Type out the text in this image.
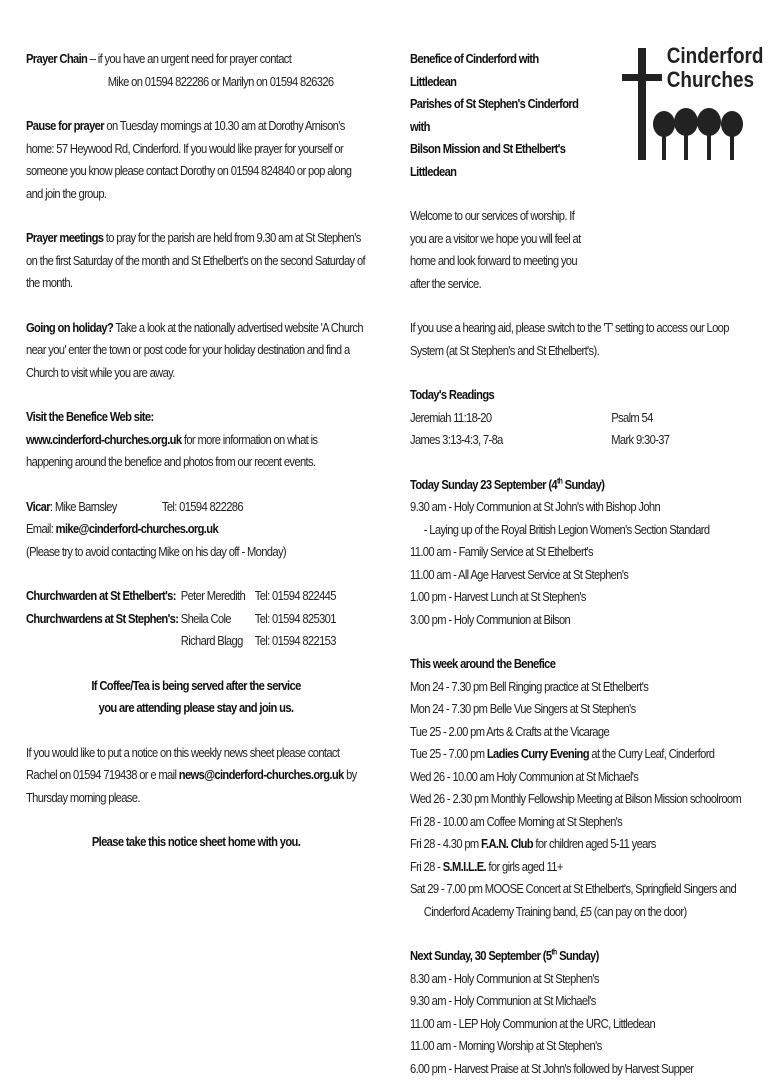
Prayer Chain – if you have an urgent need for prayer contact

Mike on 01594 822286 or Marilyn on 01594 826326

Pause for prayer on Tuesday mornings at 10.30 am at Dorothy Arnison's home: 57 Heywood Rd, Cinderford. If you would like prayer for yourself or someone you know please contact Dorothy on 01594 824840 or pop along and join the group.

Prayer meetings to pray for the parish are held from 9.30 am at St Stephen's on the first Saturday of the month and St Ethelbert's on the second Saturday of the month.

Going on holiday? Take a look at the nationally advertised website 'A Church near you' enter the town or post code for your holiday destination and find a Church to visit while you are away.

Visit the Benefice Web site:

www.cinderford-churches.org.uk for more information on what is happening around the benefice and photos from our recent events.

Vicar: Mike Barnsley	Tel: 01594 822286

Email: mike@cinderford-churches.org.uk

(Please try to avoid contacting Mike on his day off - Monday)

Churchwarden at St Ethelbert's: Peter Meredith Tel: 01594 822445
Churchwardens at St Stephen's: Sheila Cole	Tel: 01594 825301
Richard Blagg Tel: 01594 822153

If Coffee/Tea is being served after the service

you are attending please stay and join us.

If you would like to put a notice on this weekly news sheet please contact Rachel on 01594 719438 or e mail news@cinderford-churches.org.uk by Thursday morning please.

Please take this notice sheet home with you.

Cinderford
Churches

Benefice of Cinderford with Littledean

Parishes of St Stephen's Cinderford with

Bilson Mission and St Ethelbert's Littledean

Welcome to our services of worship. If you are a visitor we hope you will feel at home and look forward to meeting you after the service.

If you use a hearing aid, please switch to the 'T' setting to access our Loop System (at St Stephen's and St Ethelbert's).

Today's Readings

Jeremiah 11:18-20	Psalm 54
James 3:13-4:3, 7-8a	Mark 9:30-37

Today Sunday 23 September (4th Sunday)

9.30 am - Holy Communion at St John's with Bishop John

- Laying up of the Royal British Legion Women's Section Standard

11.00 am - Family Service at St Ethelbert's

11.00 am - All Age Harvest Service at St Stephen's

1.00 pm - Harvest Lunch at St Stephen's

3.00 pm - Holy Communion at Bilson

This week around the Benefice

Mon 24 - 7.30 pm Bell Ringing practice at St Ethelbert's

Mon 24 - 7.30 pm Belle Vue Singers at St Stephen's

Tue 25 - 2.00 pm Arts & Crafts at the Vicarage

Tue 25 - 7.00 pm Ladies Curry Evening at the Curry Leaf, Cinderford

Wed 26 - 10.00 am Holy Communion at St Michael's

Wed 26 - 2.30 pm Monthly Fellowship Meeting at Bilson Mission schoolroom

Fri 28 - 10.00 am Coffee Morning at St Stephen's

Fri 28 - 4.30 pm F.A.N. Club for children aged 5-11 years

Fri 28 - S.M.I.L.E. for girls aged 11+

Sat 29 - 7.00 pm MOOSE Concert at St Ethelbert's, Springfield Singers and

Cinderford Academy Training band, £5 (can pay on the door)

Next Sunday, 30 September (5th Sunday)

8.30 am - Holy Communion at St Stephen's

9.30 am - Holy Communion at St Michael's

11.00 am - LEP Holy Communion at the URC, Littledean

11.00 am - Morning Worship at St Stephen's

6.00 pm - Harvest Praise at St John's followed by Harvest Supper
